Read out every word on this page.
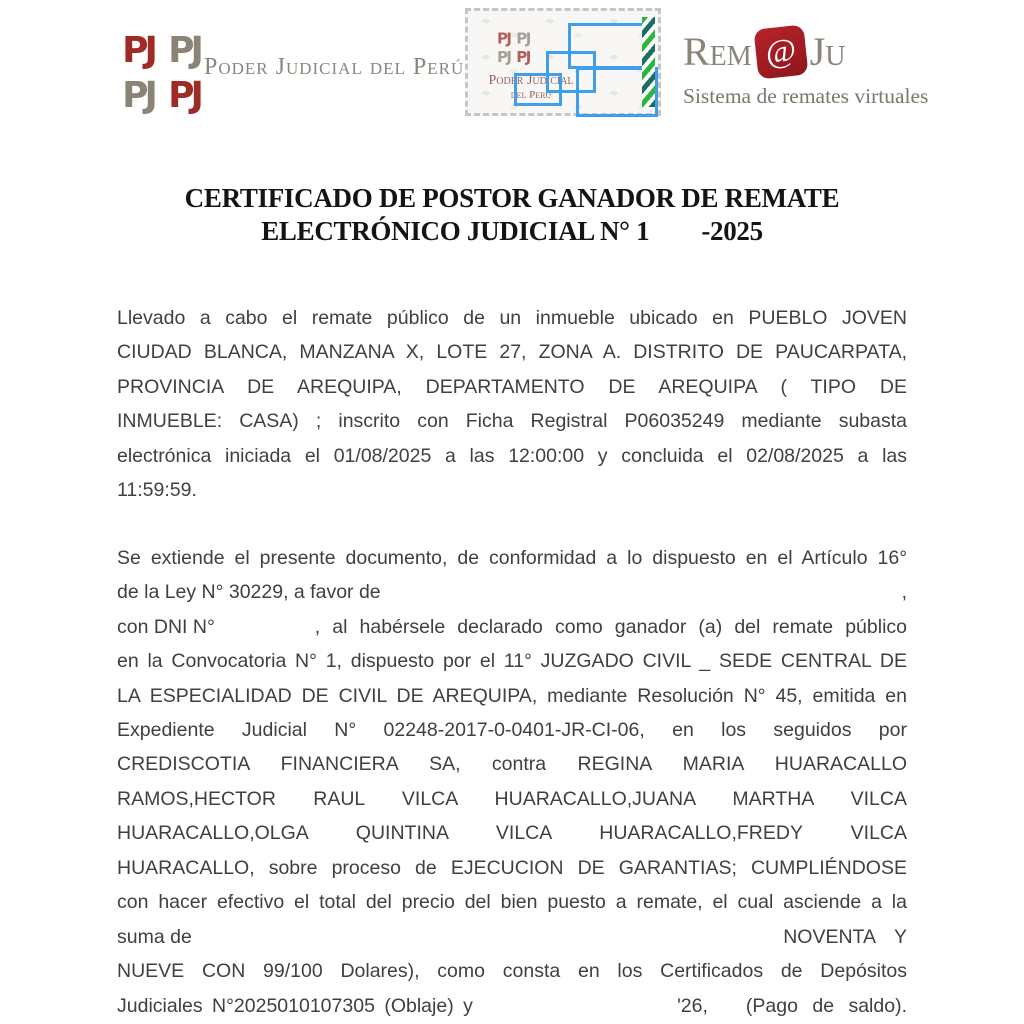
PJ PJ
PJ PJ
Poder Judicial del Perú
PJ PJ
PJ PJ
Poder Judicial
del Perú
Rem @ Ju
Sistema de remates virtuales
CERTIFICADO DE POSTOR GANADOR DE REMATE
ELECTRÓNICO JUDICIAL N° 1 -2025
Llevado a cabo el remate público de un inmueble ubicado en PUEBLO JOVEN
CIUDAD BLANCA, MANZANA X, LOTE 27, ZONA A. DISTRITO DE PAUCARPATA,
PROVINCIA DE AREQUIPA, DEPARTAMENTO DE AREQUIPA ( TIPO DE
INMUEBLE: CASA) ; inscrito con Ficha Registral P06035249 mediante subasta
electrónica iniciada el 01/08/2025 a las 12:00:00 y concluida el 02/08/2025 a las
11:59:59.
Se extiende el presente documento, de conformidad a lo dispuesto en el Artículo 16°
de la Ley N° 30229, a favor de	,
con DNI N°	, al habérsele declarado como ganador (a) del remate público
en la Convocatoria N° 1, dispuesto por el 11° JUZGADO CIVIL _ SEDE CENTRAL DE
LA ESPECIALIDAD DE CIVIL DE AREQUIPA, mediante Resolución N° 45, emitida en
Expediente Judicial N° 02248-2017-0-0401-JR-CI-06, en los seguidos por
CREDISCOTIA FINANCIERA SA, contra REGINA MARIA HUARACALLO
RAMOS,HECTOR RAUL VILCA HUARACALLO,JUANA MARTHA VILCA
HUARACALLO,OLGA QUINTINA VILCA HUARACALLO,FREDY VILCA
HUARACALLO, sobre proceso de EJECUCION DE GARANTIAS; CUMPLIÉNDOSE
con hacer efectivo el total del precio del bien puesto a remate, el cual asciende a la
suma de	NOVENTA Y
NUEVE CON 99/100 Dolares), como consta en los Certificados de Depósitos
Judiciales N°2025010107305 (Oblaje) y	'26, (Pago de saldo).
